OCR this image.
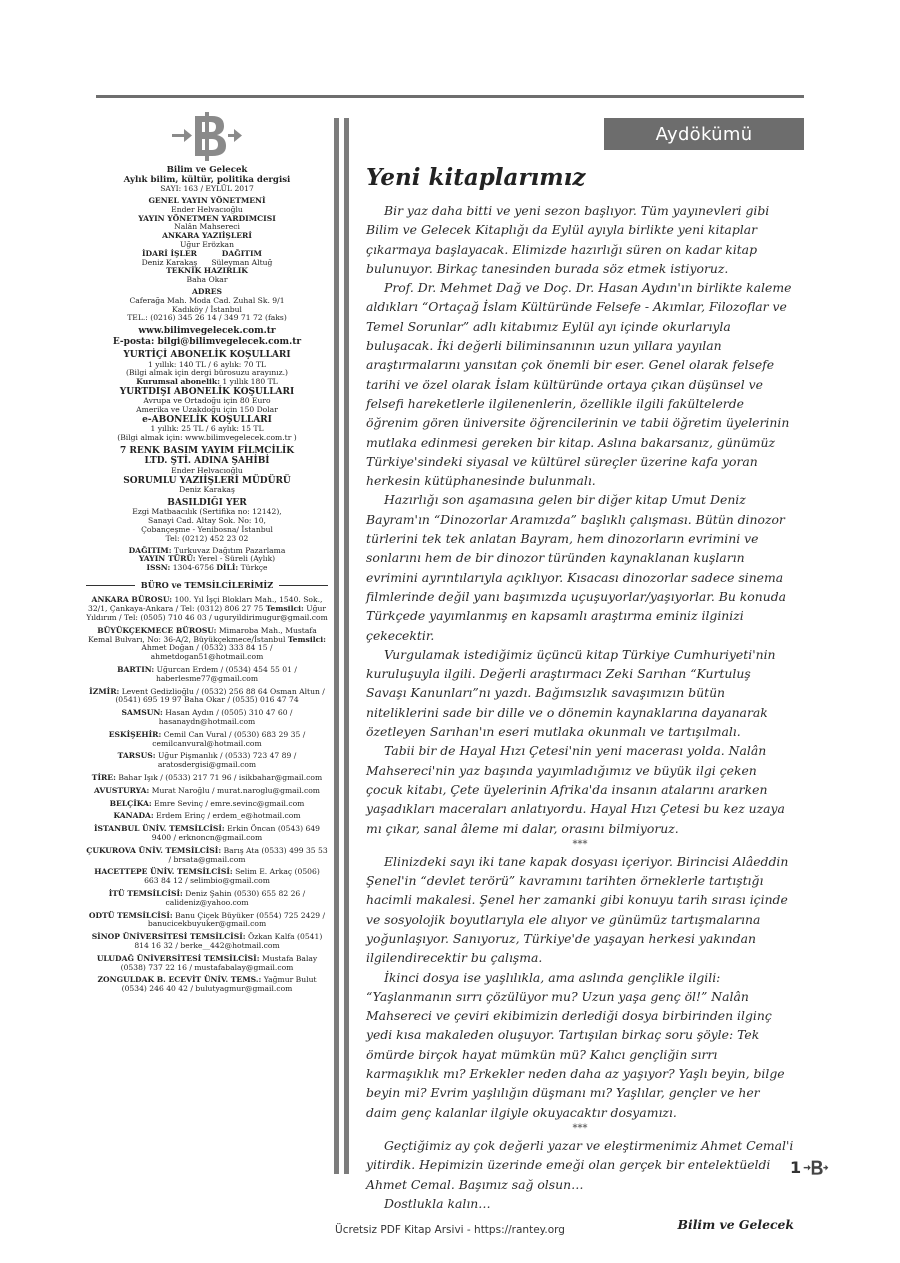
Bilim ve Gelecek
Aylık bilim, kültür, politika dergisi
SAYI: 163 / EYLÜL 2017
GENEL YAYIN YÖNETMENİ
Ender Helvacıoğlu
YAYIN YÖNETMEN YARDIMCISI
Nalân Mahsereci
ANKARA YAZIİŞLERİ
Uğur Erözkan
İDARİ İŞLER
Deniz Karakaş
DAĞITIM
Süleyman Altuğ
TEKNİK HAZIRLIK
Baha Okar
ADRES
Caferağa Mah. Moda Cad. Zuhal Sk. 9/1
Kadıköy / İstanbul
TEL.: (0216) 345 26 14 / 349 71 72 (faks)
www.bilimvegelecek.com.tr
E-posta: bilgi@bilimvegelecek.com.tr
YURTİÇİ ABONELİK KOŞULLARI
1 yıllık: 140 TL / 6 aylık: 70 TL
(Bilgi almak için dergi bürosuzu arayınız.)
Kurumsal abonelik: 1 yıllık 180 TL
YURTDIŞI ABONELİK KOŞULLARI
Avrupa ve Ortadoğu için 80 Euro
Amerika ve Uzakdoğu için 150 Dolar
e-ABONELİK KOŞULLARI
1 yıllık: 25 TL / 6 aylık: 15 TL
(Bilgi almak için: www.bilimvegelecek.com.tr )
7 RENK BASIM YAYIM FİLMCİLİK
LTD. ŞTİ. ADINA ŞAHİBİ
Ender Helvacıoğlu
SORUMLU YAZIİŞLERİ MÜDÜRÜ
Deniz Karakaş
BASILDIĞI YER
Ezgi Matbaacılık (Sertifika no: 12142),
Sanayi Cad. Altay Sok. No: 10,
Çobançeşme - Yenibosna/ İstanbul
Tel: (0212) 452 23 02
DAĞITIM: Turkuvaz Dağıtım Pazarlama
YAYIN TÜRÜ: Yerel - Süreli (Aylık)
ISSN: 1304-6756 DİLİ: Türkçe
BÜRO ve TEMSİLCİLERİMİZ
ANKARA BÜROSU: 100. Yıl İşçi Blokları Mah., 1540. Sok., 32/1, Çankaya-Ankara / Tel: (0312) 806 27 75 Temsilci: Uğur Yıldırım / Tel: (0505) 710 46 03 / uguryildirimugur@gmail.com
BÜYÜKÇEKMECE BÜROSU: Mimaroba Mah., Mustafa Kemal Bulvarı, No: 36-A/2, Büyükçekmece/İstanbul Temsilci: Ahmet Doğan / (0532) 333 84 15 / ahmetdogan51@hotmail.com
BARTIN: Uğurcan Erdem / (0534) 454 55 01 / haberlesme77@gmail.com
İZMİR: Levent Gedizlioğlu / (0532) 256 88 64 Osman Altun / (0541) 695 19 97 Baha Okar / (0535) 016 47 74
SAMSUN: Hasan Aydın / (0505) 310 47 60 / hasanaydn@hotmail.com
ESKİŞEHİR: Cemil Can Vural / (0530) 683 29 35 / cemilcanvural@hotmail.com
TARSUS: Uğur Pişmanlık / (0533) 723 47 89 / aratosdergisi@gmail.com
TİRE: Bahar Işık / (0533) 217 71 96 / isikbahar@gmail.com
AVUSTURYA: Murat Naroğlu / murat.naroglu@gmail.com
BELÇİKA: Emre Sevinç / emre.sevinc@gmail.com
KANADA: Erdem Erinç / erdem_e@hotmail.com
İSTANBUL ÜNİV. TEMSİLCİSİ: Erkin Öncan (0543) 649 9400 / erknoncn@gmail.com
ÇUKUROVA ÜNİV. TEMSİLCİSİ: Barış Ata (0533) 499 35 53 / brsata@gmail.com
HACETTEPE ÜNİV. TEMSİLCİSİ: Selim E. Arkaç (0506) 663 84 12 / selimbio@gmail.com
İTÜ TEMSİLCİSİ: Deniz Şahin (0530) 655 82 26 / calideniz@yahoo.com
ODTÜ TEMSİLCİSİ: Banu Çiçek Büyüker (0554) 725 2429 / banucicekbuyuker@gmail.com
SİNOP ÜNİVERSİTESİ TEMSİLCİSİ: Özkan Kalfa (0541) 814 16 32 / berke__442@hotmail.com
ULUDAĞ ÜNİVERSİTESİ TEMSİLCİSİ: Mustafa Balay (0538) 737 22 16 / mustafabalay@gmail.com
ZONGULDAK B. ECEVİT ÜNİV. TEMS.: Yağmur Bulut (0534) 246 40 42 / bulutyagmur@gmail.com
Aydökümü
Yeni kitaplarımız

Bir yaz daha bitti ve yeni sezon başlıyor. Tüm yayınevleri gibi Bilim ve Gelecek Kitaplığı da Eylül ayıyla birlikte yeni kitaplar çıkarmaya başlayacak. Elimizde hazırlığı süren on kadar kitap bulunuyor. Birkaç tanesinden burada söz etmek istiyoruz.

Prof. Dr. Mehmet Dağ ve Doç. Dr. Hasan Aydın'ın birlikte kaleme aldıkları “Ortaçağ İslam Kültüründe Felsefe - Akımlar, Filozoflar ve Temel Sorunlar” adlı kitabımız Eylül ayı içinde okurlarıyla buluşacak. İki değerli biliminsanının uzun yıllara yayılan araştırmalarını yansıtan çok önemli bir eser. Genel olarak felsefe tarihi ve özel olarak İslam kültüründe ortaya çıkan düşünsel ve felsefi hareketlerle ilgilenenlerin, özellikle ilgili fakültelerde öğrenim gören üniversite öğrencilerinin ve tabii öğretim üyelerinin mutlaka edinmesi gereken bir kitap. Aslına bakarsanız, günümüz Türkiye'sindeki siyasal ve kültürel süreçler üzerine kafa yoran herkesin kütüphanesinde bulunmalı.

Hazırlığı son aşamasına gelen bir diğer kitap Umut Deniz Bayram'ın “Dinozorlar Aramızda” başlıklı çalışması. Bütün dinozor türlerini tek tek anlatan Bayram, hem dinozorların evrimini ve sonlarını hem de bir dinozor türünden kaynaklanan kuşların evrimini ayrıntılarıyla açıklıyor. Kısacası dinozorlar sadece sinema filmlerinde değil yanı başımızda uçuşuyorlar/yaşıyorlar. Bu konuda Türkçede yayımlanmış en kapsamlı araştırma eminiz ilginizi çekecektir.

Vurgulamak istediğimiz üçüncü kitap Türkiye Cumhuriyeti'nin kuruluşuyla ilgili. Değerli araştırmacı Zeki Sarıhan “Kurtuluş Savaşı Kanunları”nı yazdı. Bağımsızlık savaşımızın bütün niteliklerini sade bir dille ve o dönemin kaynaklarına dayanarak özetleyen Sarıhan'ın eseri mutlaka okunmalı ve tartışılmalı.

Tabii bir de Hayal Hızı Çetesi'nin yeni macerası yolda. Nalân Mahsereci'nin yaz başında yayımladığımız ve büyük ilgi çeken çocuk kitabı, Çete üyelerinin Afrika'da insanın atalarını ararken yaşadıkları maceraları anlatıyordu. Hayal Hızı Çetesi bu kez uzaya mı çıkar, sanal âleme mi dalar, orasını bilmiyoruz.

***

Elinizdeki sayı iki tane kapak dosyası içeriyor. Birincisi Alâeddin Şenel'in “devlet terörü” kavramını tarihten örneklerle tartıştığı hacimli makalesi. Şenel her zamanki gibi konuyu tarih sırası içinde ve sosyolojik boyutlarıyla ele alıyor ve günümüz tartışmalarına yoğunlaşıyor. Sanıyoruz, Türkiye'de yaşayan herkesi yakından ilgilendirecektir bu çalışma.

İkinci dosya ise yaşlılıkla, ama aslında gençlikle ilgili: “Yaşlanmanın sırrı çözülüyor mu? Uzun yaşa genç öl!” Nalân Mahsereci ve çeviri ekibimizin derlediği dosya birbirinden ilginç yedi kısa makaleden oluşuyor. Tartışılan birkaç soru şöyle: Tek ömürde birçok hayat mümkün mü? Kalıcı gençliğin sırrı karmaşıklık mı? Erkekler neden daha az yaşıyor? Yaşlı beyin, bilge beyin mi? Evrim yaşlılığın düşmanı mı? Yaşlılar, gençler ve her daim genç kalanlar ilgiyle okuyacaktır dosyamızı.

***

Geçtiğimiz ay çok değerli yazar ve eleştirmenimiz Ahmet Cemal'i yitirdik. Hepimizin üzerinde emeği olan gerçek bir entelektüeldi Ahmet Cemal. Başımız sağ olsun…

Dostlukla kalın…

Bilim ve Gelecek
1
Ücretsiz PDF Kitap Arsivi - https://rantey.org
